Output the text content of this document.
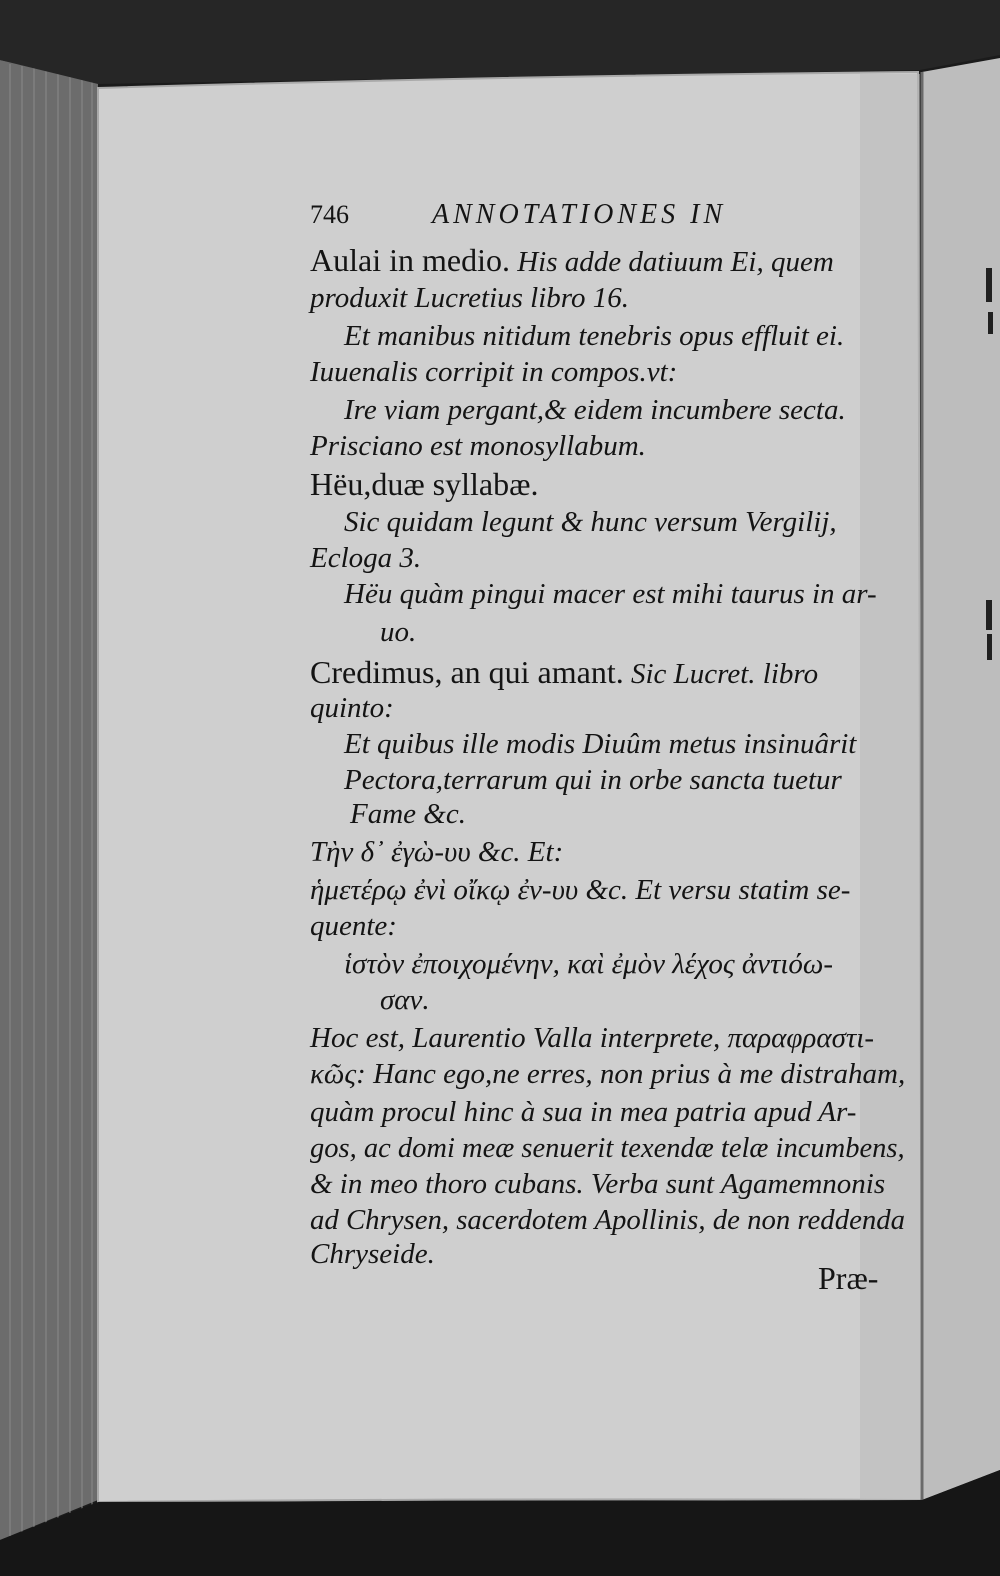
746	ANNOTATIONES IN
Aulai in medio. His adde datiuum Ei, quem
produxit Lucretius libro 16.
Et manibus nitidum tenebris opus effluit ei.
Iuuenalis corripit in compos.vt:
Ire viam pergant,& eidem incumbere secta.
Prisciano est monosyllabum.
Hëu,duæ syllabæ.
Sic quidam legunt & hunc versum Vergilij,
Ecloga 3.
Hëu quàm pingui macer est mihi taurus in ar-
uo.
Credimus, an qui amant. Sic Lucret. libro
quinto:
Et quibus ille modis Diuûm metus insinuârit
Pectora,terrarum qui in orbe sancta tuetur
Fame &c.
Τὴν δ᾽ ἐγὼ-υυ &c. Et:
ἡμετέρῳ ἐνὶ οἴκῳ ἐν-υυ &c. Et versu statim se-
quente:
ἱστὸν ἐποιχομένην, καὶ ἐμὸν λέχος ἀντιόω-
σαν.
Hoc est, Laurentio Valla interprete, παραφραστι-
κῶς: Hanc ego,ne erres, non prius à me distraham,
quàm procul hinc à sua in mea patria apud Ar-
gos, ac domi meæ senuerit texendæ telæ incumbens,
& in meo thoro cubans. Verba sunt Agamemnonis
ad Chrysen, sacerdotem Apollinis, de non reddenda
Chryseide.
Præ-
